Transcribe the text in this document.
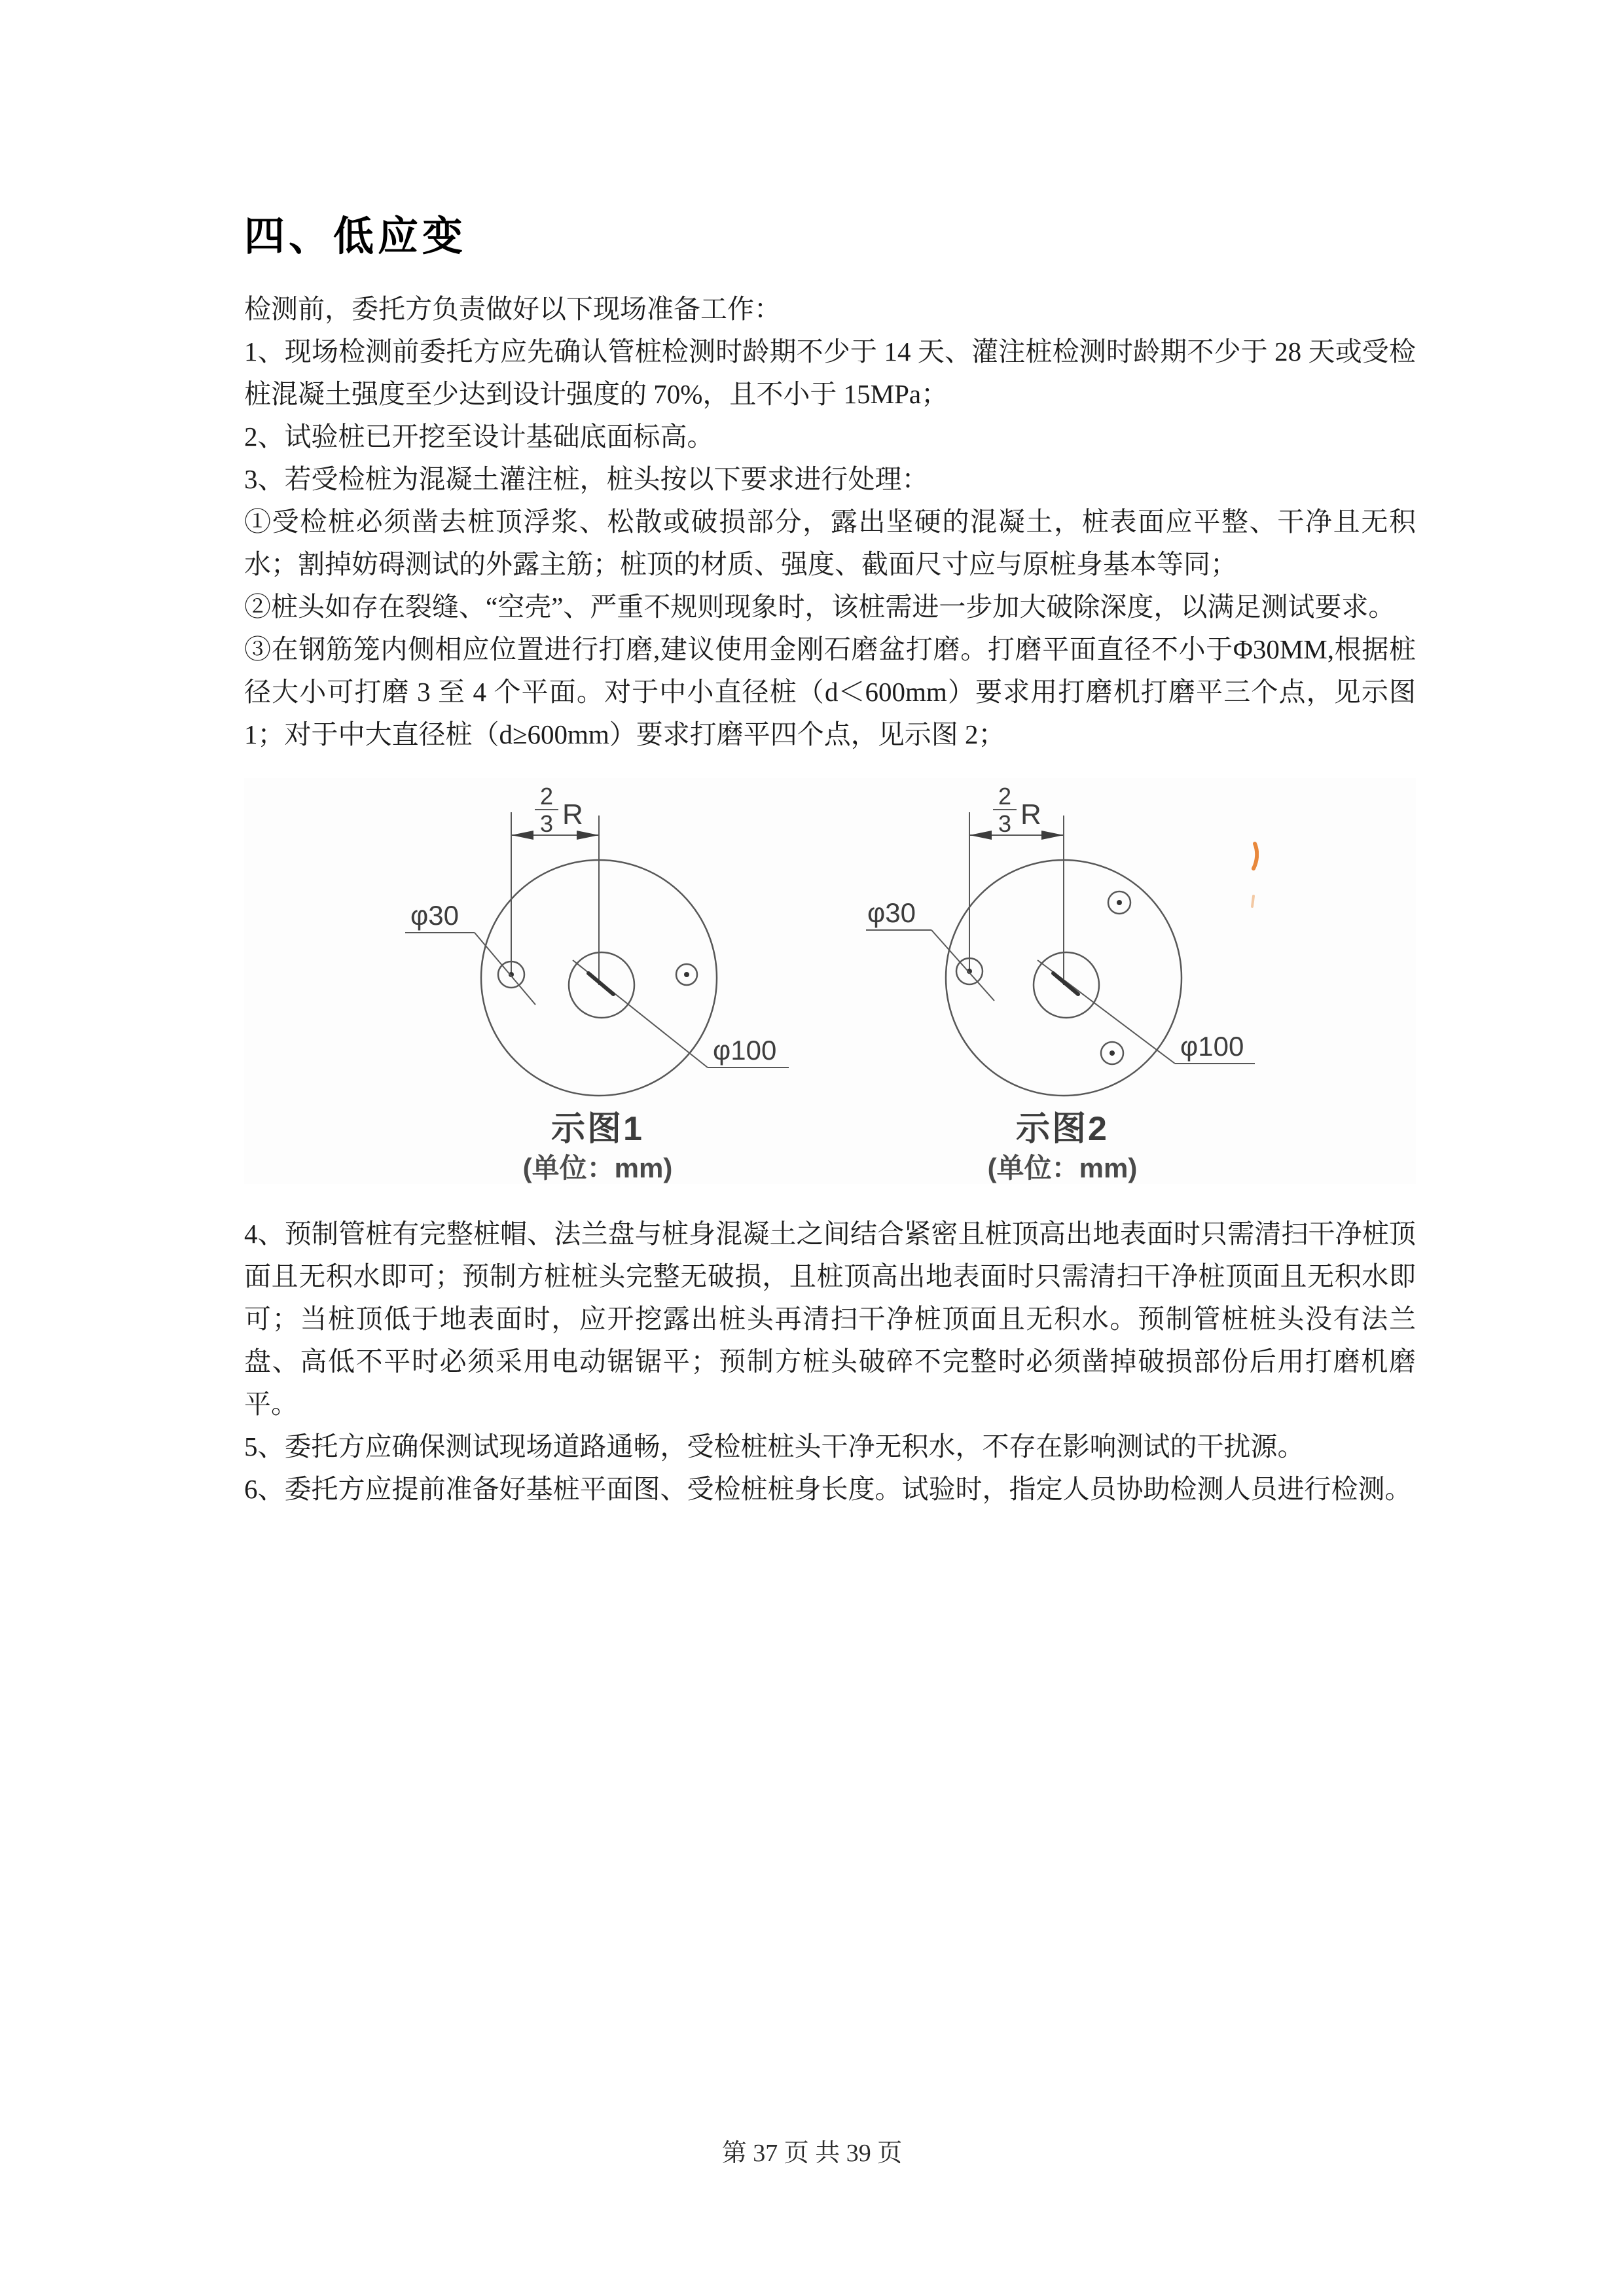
四、低应变

检测前，委托方负责做好以下现场准备工作：

1、现场检测前委托方应先确认管桩检测时龄期不少于 14 天、灌注桩检测时龄期不少于 28 天或受检桩混凝土强度至少达到设计强度的 70%，且不小于 15MPa；

2、试验桩已开挖至设计基础底面标高。

3、若受检桩为混凝土灌注桩，桩头按以下要求进行处理：

①受检桩必须凿去桩顶浮浆、松散或破损部分，露出坚硬的混凝土，桩表面应平整、干净且无积水；割掉妨碍测试的外露主筋；桩顶的材质、强度、截面尺寸应与原桩身基本等同；

②桩头如存在裂缝、“空壳”、严重不规则现象时，该桩需进一步加大破除深度，以满足测试要求。

③在钢筋笼内侧相应位置进行打磨,建议使用金刚石磨盆打磨。打磨平面直径不小于Φ30MM,根据桩径大小可打磨 3 至 4 个平面。对于中小直径桩（d＜600mm）要求用打磨机打磨平三个点，见示图 1；对于中大直径桩（d≥600mm）要求打磨平四个点，见示图 2；

2
3 R
φ30
φ100
示图1
(单位：mm)
2
3 R
φ30
φ100
示图2
(单位：mm)

4、预制管桩有完整桩帽、法兰盘与桩身混凝土之间结合紧密且桩顶高出地表面时只需清扫干净桩顶面且无积水即可；预制方桩桩头完整无破损，且桩顶高出地表面时只需清扫干净桩顶面且无积水即可；当桩顶低于地表面时，应开挖露出桩头再清扫干净桩顶面且无积水。预制管桩桩头没有法兰盘、高低不平时必须采用电动锯锯平；预制方桩头破碎不完整时必须凿掉破损部份后用打磨机磨平。

5、委托方应确保测试现场道路通畅，受检桩桩头干净无积水，不存在影响测试的干扰源。

6、委托方应提前准备好基桩平面图、受检桩桩身长度。试验时，指定人员协助检测人员进行检测。

第 37 页 共 39 页
